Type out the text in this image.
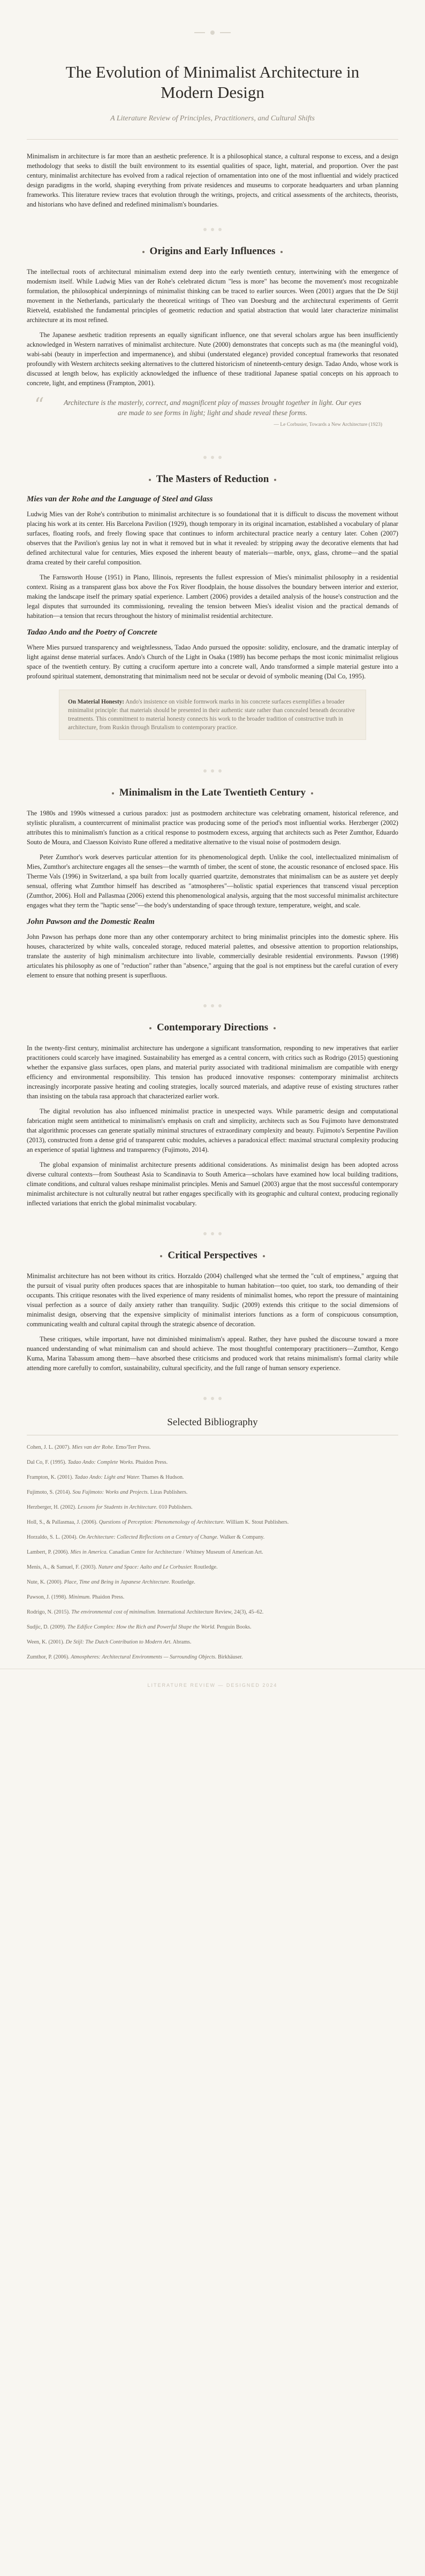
The Evolution of Minimalist Architecture in Modern Design
A Literature Review of Principles, Practitioners, and Cultural Shifts

Minimalism in architecture is far more than an aesthetic preference. It is a philosophical stance, a cultural response to excess, and a design methodology that seeks to distill the built environment to its essential qualities of space, light, material, and proportion. Over the past century, minimalist architecture has evolved from a radical rejection of ornamentation into one of the most influential and widely practiced design paradigms in the world, shaping everything from private residences and museums to corporate headquarters and urban planning frameworks. This literature review traces that evolution through the writings, projects, and critical assessments of the architects, theorists, and historians who have defined and redefined minimalism's boundaries.

Origins and Early Influences

The intellectual roots of architectural minimalism extend deep into the early twentieth century, intertwining with the emergence of modernism itself. While Ludwig Mies van der Rohe's celebrated dictum "less is more" has become the movement's most recognizable formulation, the philosophical underpinnings of minimalist thinking can be traced to earlier sources. Ween (2001) argues that the De Stijl movement in the Netherlands, particularly the theoretical writings of Theo van Doesburg and the architectural experiments of Gerrit Rietveld, established the fundamental principles of geometric reduction and spatial abstraction that would later characterize minimalist architecture at its most refined.

The Japanese aesthetic tradition represents an equally significant influence, one that several scholars argue has been insufficiently acknowledged in Western narratives of minimalist architecture. Nute (2000) demonstrates that concepts such as ma (the meaningful void), wabi-sabi (beauty in imperfection and impermanence), and shibui (understated elegance) provided conceptual frameworks that resonated profoundly with Western architects seeking alternatives to the cluttered historicism of nineteenth-century design. Tadao Ando, whose work is discussed at length below, has explicitly acknowledged the influence of these traditional Japanese spatial concepts on his approach to concrete, light, and emptiness (Frampton, 2001).

“	Architecture is the masterly, correct, and magnificent play of masses brought together in light. Our eyes are made to see forms in light; light and shade reveal these forms.
— Le Corbusier, Towards a New Architecture (1923)
The Masters of Reduction
Mies van der Rohe and the Language of Steel and Glass

Ludwig Mies van der Rohe's contribution to minimalist architecture is so foundational that it is difficult to discuss the movement without placing his work at its center. His Barcelona Pavilion (1929), though temporary in its original incarnation, established a vocabulary of planar surfaces, floating roofs, and freely flowing space that continues to inform architectural practice nearly a century later. Cohen (2007) observes that the Pavilion's genius lay not in what it removed but in what it revealed: by stripping away the decorative elements that had defined architectural value for centuries, Mies exposed the inherent beauty of materials—marble, onyx, glass, chrome—and the spatial drama created by their careful composition.

The Farnsworth House (1951) in Plano, Illinois, represents the fullest expression of Mies's minimalist philosophy in a residential context. Rising as a transparent glass box above the Fox River floodplain, the house dissolves the boundary between interior and exterior, making the landscape itself the primary spatial experience. Lambert (2006) provides a detailed analysis of the house's construction and the legal disputes that surrounded its commissioning, revealing the tension between Mies's idealist vision and the practical demands of habitation—a tension that recurs throughout the history of minimalist residential architecture.

Tadao Ando and the Poetry of Concrete

Where Mies pursued transparency and weightlessness, Tadao Ando pursued the opposite: solidity, enclosure, and the dramatic interplay of light against dense material surfaces. Ando's Church of the Light in Osaka (1989) has become perhaps the most iconic minimalist religious space of the twentieth century. By cutting a cruciform aperture into a concrete wall, Ando transformed a simple material gesture into a profound spiritual statement, demonstrating that minimalism need not be secular or devoid of symbolic meaning (Dal Co, 1995).

On Material Honesty: Ando's insistence on visible formwork marks in his concrete surfaces exemplifies a broader minimalist principle: that materials should be presented in their authentic state rather than concealed beneath decorative treatments. This commitment to material honesty connects his work to the broader tradition of constructive truth in architecture, from Ruskin through Brutalism to contemporary practice.
Minimalism in the Late Twentieth Century

The 1980s and 1990s witnessed a curious paradox: just as postmodern architecture was celebrating ornament, historical reference, and stylistic pluralism, a countercurrent of minimalist practice was producing some of the period's most influential works. Herzberger (2002) attributes this to minimalism's function as a critical response to postmodern excess, arguing that architects such as Peter Zumthor, Eduardo Souto de Moura, and Claesson Koivisto Rune offered a meditative alternative to the visual noise of postmodern design.

Peter Zumthor's work deserves particular attention for its phenomenological depth. Unlike the cool, intellectualized minimalism of Mies, Zumthor's architecture engages all the senses—the warmth of timber, the scent of stone, the acoustic resonance of enclosed space. His Therme Vals (1996) in Switzerland, a spa built from locally quarried quartzite, demonstrates that minimalism can be as austere yet deeply sensual, offering what Zumthor himself has described as "atmospheres"—holistic spatial experiences that transcend visual perception (Zumthor, 2006). Holl and Pallasmaa (2006) extend this phenomenological analysis, arguing that the most successful minimalist architecture engages what they term the "haptic sense"—the body's understanding of space through texture, temperature, weight, and scale.

John Pawson and the Domestic Realm

John Pawson has perhaps done more than any other contemporary architect to bring minimalist principles into the domestic sphere. His houses, characterized by white walls, concealed storage, reduced material palettes, and obsessive attention to proportion relationships, translate the austerity of high minimalism architecture into livable, commercially desirable residential environments. Pawson (1998) articulates his philosophy as one of "reduction" rather than "absence," arguing that the goal is not emptiness but the careful curation of every element to ensure that nothing present is superfluous.

Contemporary Directions

In the twenty-first century, minimalist architecture has undergone a significant transformation, responding to new imperatives that earlier practitioners could scarcely have imagined. Sustainability has emerged as a central concern, with critics such as Rodrigo (2015) questioning whether the expansive glass surfaces, open plans, and material purity associated with traditional minimalism are compatible with energy efficiency and environmental responsibility. This tension has produced innovative responses: contemporary minimalist architects increasingly incorporate passive heating and cooling strategies, locally sourced materials, and adaptive reuse of existing structures rather than insisting on the tabula rasa approach that characterized earlier work.

The digital revolution has also influenced minimalist practice in unexpected ways. While parametric design and computational fabrication might seem antithetical to minimalism's emphasis on craft and simplicity, architects such as Sou Fujimoto have demonstrated that algorithmic processes can generate spatially minimal structures of extraordinary complexity and beauty. Fujimoto's Serpentine Pavilion (2013), constructed from a dense grid of transparent cubic modules, achieves a paradoxical effect: maximal structural complexity producing an experience of spatial lightness and transparency (Fujimoto, 2014).

The global expansion of minimalist architecture presents additional considerations. As minimalist design has been adopted across diverse cultural contexts—from Southeast Asia to Scandinavia to South America—scholars have examined how local building traditions, climate conditions, and cultural values reshape minimalist principles. Menis and Samuel (2003) argue that the most successful contemporary minimalist architecture is not culturally neutral but rather engages specifically with its geographic and cultural context, producing regionally inflected variations that enrich the global minimalist vocabulary.

Critical Perspectives

Minimalist architecture has not been without its critics. Horzaldo (2004) challenged what she termed the "cult of emptiness," arguing that the pursuit of visual purity often produces spaces that are inhospitable to human habitation—too quiet, too stark, too demanding of their occupants. This critique resonates with the lived experience of many residents of minimalist homes, who report the pressure of maintaining visual perfection as a source of daily anxiety rather than tranquility. Sudjic (2009) extends this critique to the social dimensions of minimalist design, observing that the expensive simplicity of minimalist interiors functions as a form of conspicuous consumption, communicating wealth and cultural capital through the strategic absence of decoration.

These critiques, while important, have not diminished minimalism's appeal. Rather, they have pushed the discourse toward a more nuanced understanding of what minimalism can and should achieve. The most thoughtful contemporary practitioners—Zumthor, Kengo Kuma, Marina Tabassum among them—have absorbed these criticisms and produced work that retains minimalism's formal clarity while attending more carefully to comfort, sustainability, cultural specificity, and the full range of human sensory experience.

Selected Bibliography
Cohen, J. L. (2007). Mies van der Rohe. Emo/Terr Press.
Dal Co, F. (1995). Tadao Ando: Complete Works. Phaidon Press.
Frampton, K. (2001). Tadao Ando: Light and Water. Thames & Hudson.
Fujimoto, S. (2014). Sou Fujimoto: Works and Projects. Lizas Publishers.
Herzberger, H. (2002). Lessons for Students in Architecture. 010 Publishers.
Holl, S., & Pallasmaa, J. (2006). Questions of Perception: Phenomenology of Architecture. William K. Stout Publishers.
Horzaldo, S. L. (2004). On Architecture: Collected Reflections on a Century of Change. Walker & Company.
Lambert, P. (2006). Mies in America. Canadian Centre for Architecture / Whitney Museum of American Art.
Menis, A., & Samuel, F. (2003). Nature and Space: Aalto and Le Corbusier. Routledge.
Nute, K. (2000). Place, Time and Being in Japanese Architecture. Routledge.
Pawson, J. (1998). Minimum. Phaidon Press.
Rodrigo, N. (2015). The environmental cost of minimalism. International Architecture Review, 24(3), 45–62.
Sudjic, D. (2009). The Edifice Complex: How the Rich and Powerful Shape the World. Penguin Books.
Ween, K. (2001). De Stijl: The Dutch Contribution to Modern Art. Abrams.
Zumthor, P. (2006). Atmospheres: Architectural Environments — Surrounding Objects. Birkhäuser.
LITERATURE REVIEW — DESIGNED 2024
